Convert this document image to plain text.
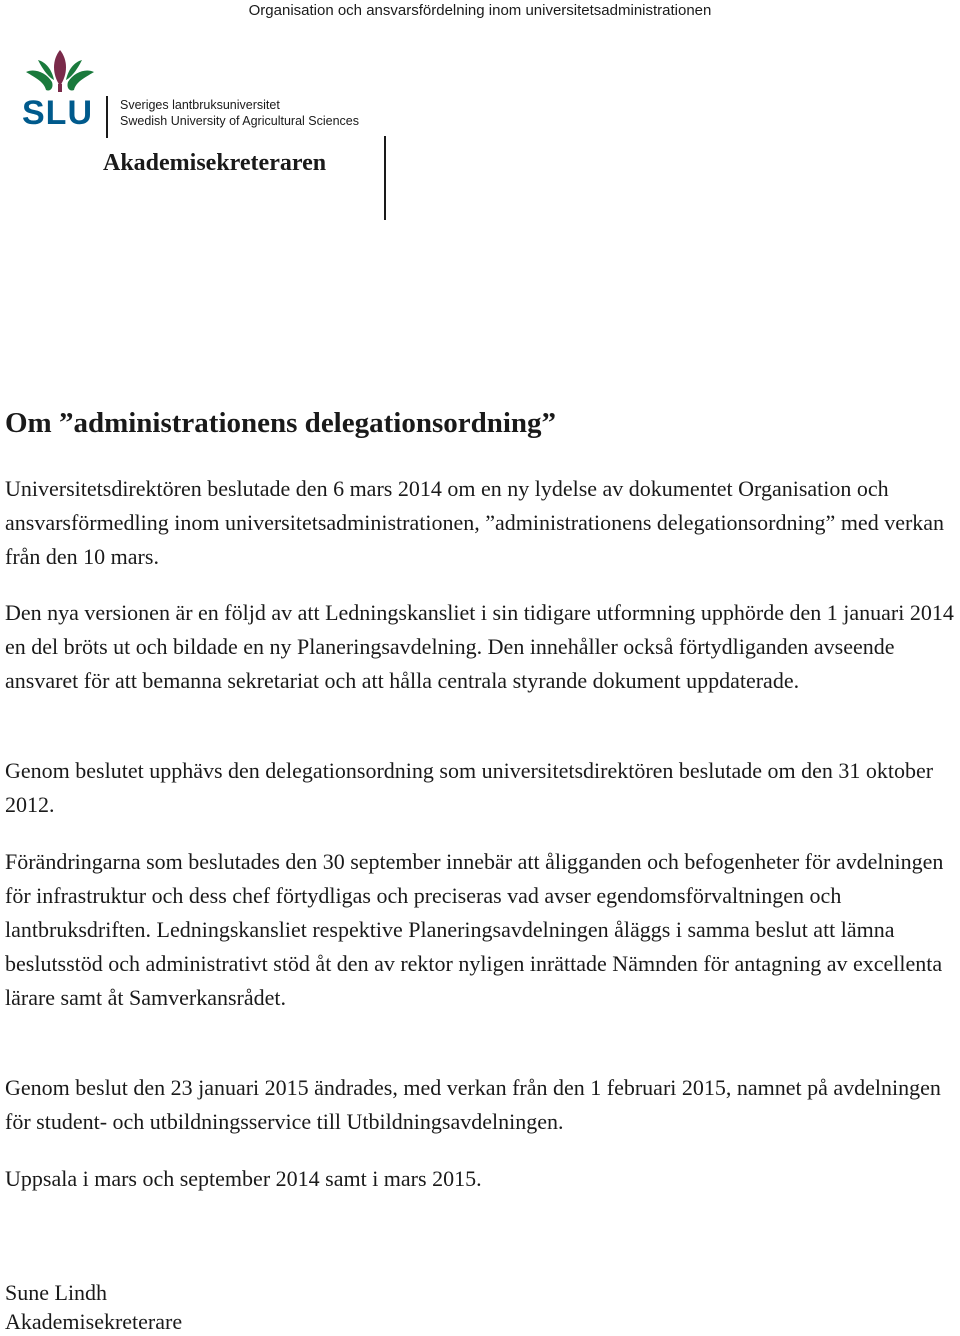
Organisation och ansvarsfördelning inom universitetsadministrationen
SLU Sveriges lantbruksuniversitet
Swedish University of Agricultural Sciences
Akademisekreteraren
Om ”administrationens delegationsordning”

Universitetsdirektören beslutade den 6 mars 2014 om en ny lydelse av dokumentet Organisation och ansvarsförmedling inom universitetsadministrationen, ”administrationens delegationsordning” med verkan från den 10 mars.

Den nya versionen är en följd av att Ledningskansliet i sin tidigare utformning upphörde den 1 januari 2014 en del bröts ut och bildade en ny Planeringsavdelning. Den innehåller också förtydliganden avseende ansvaret för att bemanna sekretariat och att hålla centrala styrande dokument uppdaterade.

Genom beslutet upphävs den delegationsordning som universitetsdirektören beslutade om den 31 oktober 2012.

Förändringarna som beslutades den 30 september innebär att åligganden och befogenheter för avdelningen för infrastruktur och dess chef förtydligas och preciseras vad avser egendomsförvaltningen och lantbruksdriften. Ledningskansliet respektive Planeringsavdelningen åläggs i samma beslut att lämna beslutsstöd och administrativt stöd åt den av rektor nyligen inrättade Nämnden för antagning av excellenta lärare samt åt Samverkansrådet.

Genom beslut den 23 januari 2015 ändrades, med verkan från den 1 februari 2015, namnet på avdelningen för student- och utbildningsservice till Utbildningsavdelningen.

Uppsala i mars och september 2014 samt i mars 2015.

Sune Lindh
Akademisekreterare
